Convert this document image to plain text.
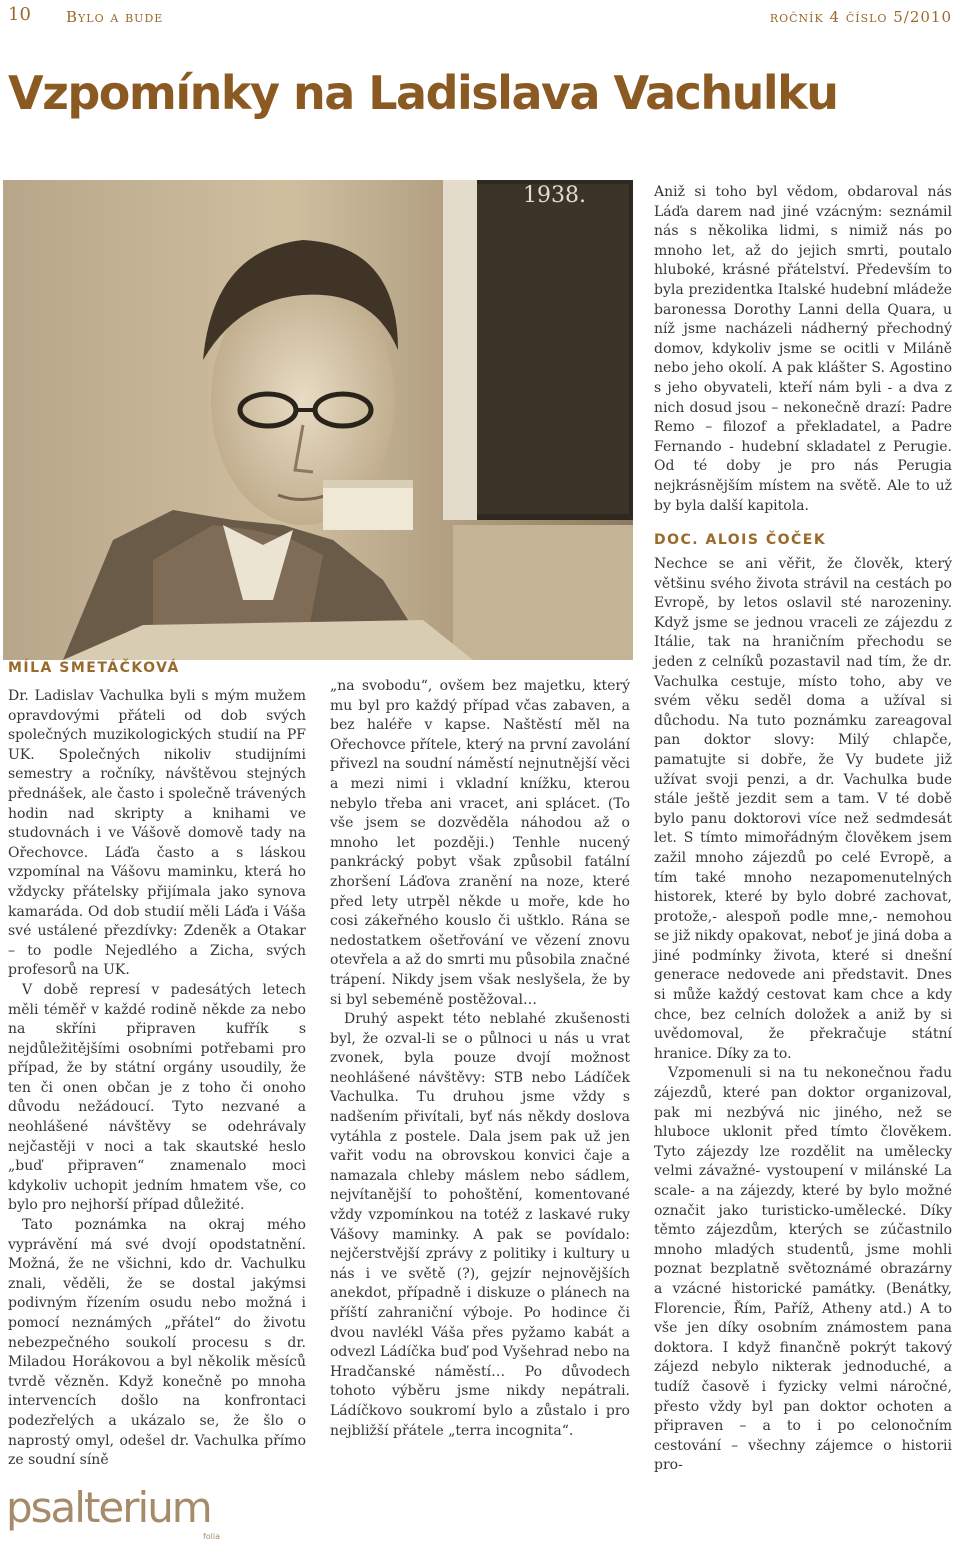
10 Bylo a bude	ročník 4 číslo 5/2010
Vzpomínky na Ladislava Vachulku
1938.
MÍLA SMETÁČKOVÁ

Dr. Ladislav Vachulka byli s mým mužem opravdovými přáteli od dob svých společných muzikologických studií na PF UK. Společných nikoliv studijními semestry a ročníky, návštěvou stejných přednášek, ale často i společně trávených hodin nad skripty a knihami ve studovnách i ve Vášově domově tady na Ořechovce. Láďa často a s láskou vzpomínal na Vášovu maminku, která ho vždycky přátelsky přijímala jako synova kamaráda. Od dob studií měli Láďa i Váša své ustálené přezdívky: Zdeněk a Otakar – to podle Nejedlého a Zicha, svých profesorů na UK.

V době represí v padesátých letech měli téměř v každé rodině někde za nebo na skříni připraven kufřík s nejdůležitějšími osobními potřebami pro případ, že by státní orgány usoudily, že ten či onen občan je z toho či onoho důvodu nežádoucí. Tyto nezvané a neohlášené návštěvy se odehrávaly nejčastěji v noci a tak skautské heslo „buď připraven“ znamenalo moci kdykoliv uchopit jedním hmatem vše, co bylo pro nejhorší případ důležité.

Tato poznámka na okraj mého vyprávění má své dvojí opodstatnění. Možná, že ne všichni, kdo dr. Vachulku znali, věděli, že se dostal jakýmsi podivným řízením osudu nebo možná i pomocí neznámých „přátel“ do životu nebezpečného soukolí procesu s dr. Miladou Horákovou a byl několik měsíců tvrdě vězněn. Když konečně po mnoha intervencích došlo na konfrontaci podezřelých a ukázalo se, že šlo o naprostý omyl, odešel dr. Vachulka přímo ze soudní síně

„na svobodu“, ovšem bez majetku, který mu byl pro každý případ včas zabaven, a bez haléře v kapse. Naštěstí měl na Ořechovce přítele, který na první zavolání přivezl na soudní náměstí nejnutnější věci a mezi nimi i vkladní knížku, kterou nebylo třeba ani vracet, ani splácet. (To vše jsem se dozvěděla náhodou až o mnoho let později.) Tenhle nucený pankrácký pobyt však způsobil fatální zhoršení Láďova zranění na noze, které před lety utrpěl někde u moře, kde ho cosi zákeřného kouslo či uštklo. Rána se nedostatkem ošetřování ve vězení znovu otevřela a až do smrti mu působila značné trápení. Nikdy jsem však neslyšela, že by si byl sebeméně postěžoval…

Druhý aspekt této neblahé zkušenosti byl, že ozval-li se o půlnoci u nás u vrat zvonek, byla pouze dvojí možnost neohlášené návštěvy: STB nebo Ládíček Vachulka. Tu druhou jsme vždy s nadšením přivítali, byť nás někdy doslova vytáhla z postele. Dala jsem pak už jen vařit vodu na obrovskou konvici čaje a namazala chleby máslem nebo sádlem, nejvítanější to pohoštění, komentované vždy vzpomínkou na totéž z laskavé ruky Vášovy maminky. A pak se povídalo: nejčerstvější zprávy z politiky i kultury u nás i ve světě (?), gejzír nejnovějších anekdot, případně i diskuze o plánech na příští zahraniční výboje. Po hodince či dvou navlékl Váša přes pyžamo kabát a odvezl Ládíčka buď pod Vyšehrad nebo na Hradčanské náměstí… Po důvodech tohoto výběru jsme nikdy nepátrali. Ládíčkovo soukromí bylo a zůstalo i pro nejbližší přátele „terra incognita“.

Aniž si toho byl vědom, obdaroval nás Láďa darem nad jiné vzácným: seznámil nás s několika lidmi, s nimiž nás po mnoho let, až do jejich smrti, poutalo hluboké, krásné přátelství. Především to byla prezidentka Italské hudební mládeže baronessa Dorothy Lanni della Quara, u níž jsme nacházeli nádherný přechodný domov, kdykoliv jsme se ocitli v Miláně nebo jeho okolí. A pak klášter S. Agostino s jeho obyvateli, kteří nám byli - a dva z nich dosud jsou – nekonečně drazí: Padre Remo – filozof a překladatel, a Padre Fernando - hudební skladatel z Perugie. Od té doby je pro nás Perugia nejkrásnějším místem na světě. Ale to už by byla další kapitola.

DOC. ALOIS ČOČEK

Nechce se ani věřit, že člověk, který většinu svého života strávil na cestách po Evropě, by letos oslavil sté narozeniny. Když jsme se jednou vraceli ze zájezdu z Itálie, tak na hraničním přechodu se jeden z celníků pozastavil nad tím, že dr. Vachulka cestuje, místo toho, aby ve svém věku seděl doma a užíval si důchodu. Na tuto poznámku zareagoval pan doktor slovy: Milý chlapče, pamatujte si dobře, že Vy budete již užívat svoji penzi, a dr. Vachulka bude stále ještě jezdit sem a tam. V té době bylo panu doktorovi více než sedmdesát let. S tímto mimořádným člověkem jsem zažil mnoho zájezdů po celé Evropě, a tím také mnoho nezapomenutelných historek, které by bylo dobré zachovat, protože,- alespoň podle mne,- nemohou se již nikdy opakovat, neboť je jiná doba a jiné podmínky života, které si dnešní generace nedovede ani představit. Dnes si může každý cestovat kam chce a kdy chce, bez celních doložek a aniž by si uvědomoval, že překračuje státní hranice. Díky za to.

Vzpomenuli si na tu nekonečnou řadu zájezdů, které pan doktor organizoval, pak mi nezbývá nic jiného, než se hluboce uklonit před tímto člověkem. Tyto zájezdy lze rozdělit na umělecky velmi závažné- vystoupení v milánské La scale- a na zájezdy, které by bylo možné označit jako turisticko-umělecké. Díky těmto zájezdům, kterých se zúčastnilo mnoho mladých studentů, jsme mohli poznat bezplatně světoznámé obrazárny a vzácné historické památky. (Benátky, Florencie, Řím, Paříž, Atheny atd.) A to vše jen díky osobním známostem pana doktora. I když finančně pokrýt takový zájezd nebylo nikterak jednoduché, a tudíž časově i fyzicky velmi náročné, přesto vždy byl pan doktor ochoten a připraven – a to i po celonočním cestování – všechny zájemce o historii pro-

psalterium
folia
